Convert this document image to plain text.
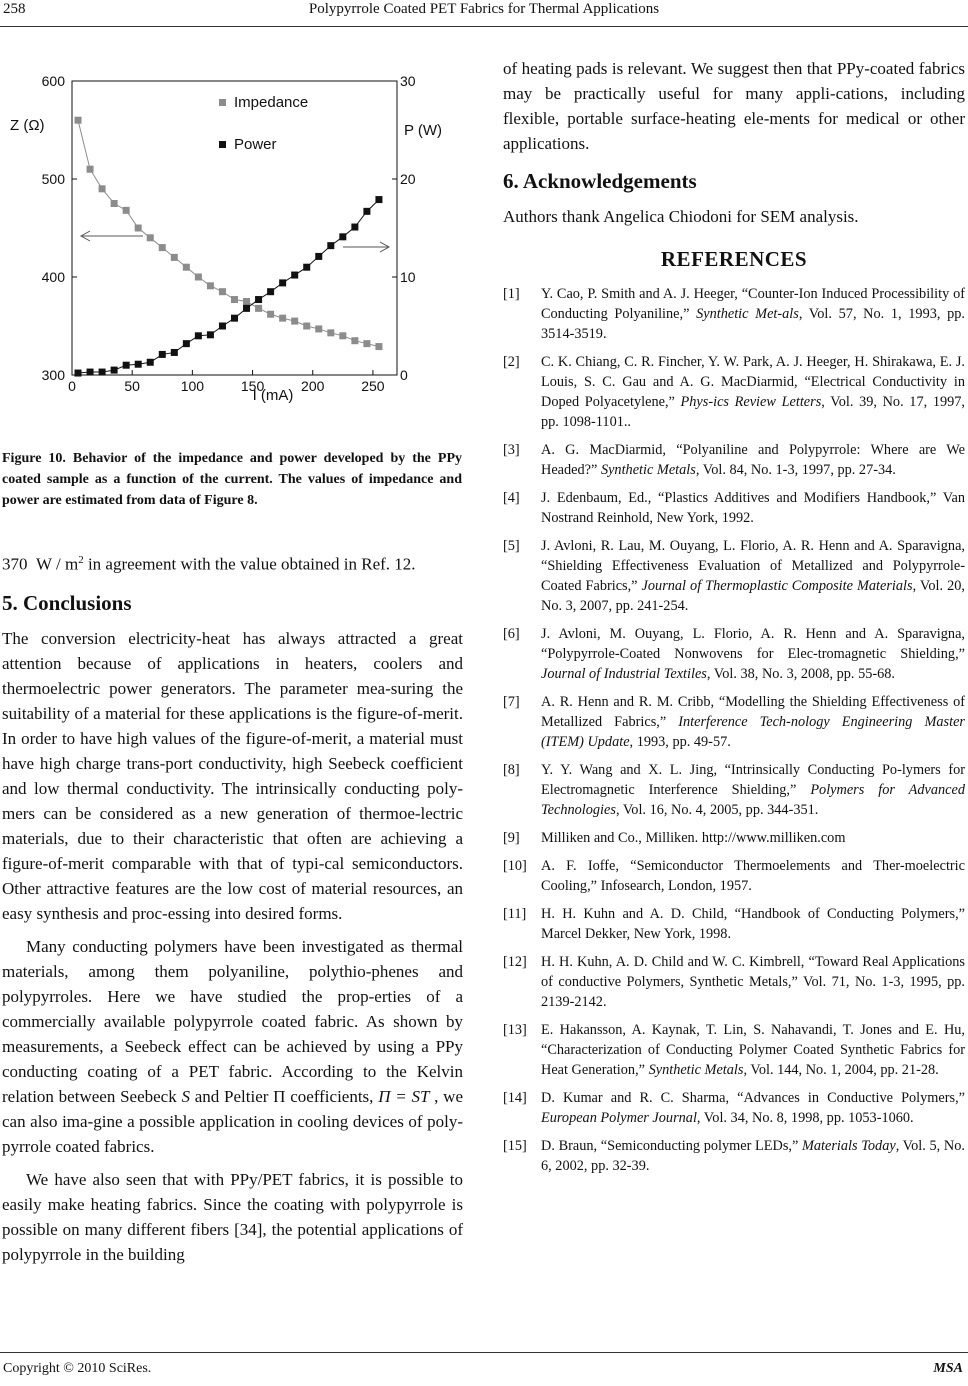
258	Polypyrrole Coated PET Fabrics for Thermal Applications
300
400
500
600
0
10
20
30
0	50	100	150	200	250
Z (Ω)	P (W)
I (mA)
Impedance
Power
Figure 10. Behavior of the impedance and power developed by the PPy coated sample as a function of the current. The values of impedance and power are estimated from data of Figure 8.

370 W / $m^2$ in agreement with the value obtained in Ref. 12.

5. Conclusions

The conversion electricity-heat has always attracted a great attention because of applications in heaters, coolers and thermoelectric power generators. The parameter mea-suring the suitability of a material for these applications is the figure-of-merit. In order to have high values of the figure-of-merit, a material must have high charge trans-port conductivity, high Seebeck coefficient and low thermal conductivity. The intrinsically conducting poly-mers can be considered as a new generation of thermoe-lectric materials, due to their characteristic that often are achieving a figure-of-merit comparable with that of typi-cal semiconductors. Other attractive features are the low cost of material resources, an easy synthesis and proc-essing into desired forms.

Many conducting polymers have been investigated as thermal materials, among them polyaniline, polythio-phenes and polypyrroles. Here we have studied the prop-erties of a commercially available polypyrrole coated fabric. As shown by measurements, a Seebeck effect can be achieved by using a PPy conducting coating of a PET fabric. According to the Kelvin relation between Seebeck S and Peltier Π coefficients, Π = ST , we can also ima-gine a possible application in cooling devices of poly-pyrrole coated fabrics.

We have also seen that with PPy/PET fabrics, it is possible to easily make heating fabrics. Since the coating with polypyrrole is possible on many different fibers [34], the potential applications of polypyrrole in the building

of heating pads is relevant. We suggest then that PPy-coated fabrics may be practically useful for many appli-cations, including flexible, portable surface-heating ele-ments for medical or other applications.

6. Acknowledgements

Authors thank Angelica Chiodoni for SEM analysis.

REFERENCES
[1] Y. Cao, P. Smith and A. J. Heeger, “Counter-Ion Induced Processibility of Conducting Polyaniline,” Synthetic Met-als, Vol. 57, No. 1, 1993, pp. 3514-3519.
[2] C. K. Chiang, C. R. Fincher, Y. W. Park, A. J. Heeger, H. Shirakawa, E. J. Louis, S. C. Gau and A. G. MacDiarmid, “Electrical Conductivity in Doped Polyacetylene,” Phys-ics Review Letters, Vol. 39, No. 17, 1997, pp. 1098-1101..
[3] A. G. MacDiarmid, “Polyaniline and Polypyrrole: Where are We Headed?” Synthetic Metals, Vol. 84, No. 1-3, 1997, pp. 27-34.
[4] J. Edenbaum, Ed., “Plastics Additives and Modifiers Handbook,” Van Nostrand Reinhold, New York, 1992.
[5] J. Avloni, R. Lau, M. Ouyang, L. Florio, A. R. Henn and A. Sparavigna, “Shielding Effectiveness Evaluation of Metallized and Polypyrrole-Coated Fabrics,” Journal of Thermoplastic Composite Materials, Vol. 20, No. 3, 2007, pp. 241-254.
[6] J. Avloni, M. Ouyang, L. Florio, A. R. Henn and A. Sparavigna, “Polypyrrole-Coated Nonwovens for Elec-tromagnetic Shielding,” Journal of Industrial Textiles, Vol. 38, No. 3, 2008, pp. 55-68.
[7] A. R. Henn and R. M. Cribb, “Modelling the Shielding Effectiveness of Metallized Fabrics,” Interference Tech-nology Engineering Master (ITEM) Update, 1993, pp. 49-57.
[8] Y. Y. Wang and X. L. Jing, “Intrinsically Conducting Po-lymers for Electromagnetic Interference Shielding,” Polymers for Advanced Technologies, Vol. 16, No. 4, 2005, pp. 344-351.
[9] Milliken and Co., Milliken. http://www.milliken.com
[10] A. F. Ioffe, “Semiconductor Thermoelements and Ther-moelectric Cooling,” Infosearch, London, 1957.
[11] H. H. Kuhn and A. D. Child, “Handbook of Conducting Polymers,” Marcel Dekker, New York, 1998.
[12] H. H. Kuhn, A. D. Child and W. C. Kimbrell, “Toward Real Applications of conductive Polymers, Synthetic Metals,” Vol. 71, No. 1-3, 1995, pp. 2139-2142.
[13] E. Hakansson, A. Kaynak, T. Lin, S. Nahavandi, T. Jones and E. Hu, “Characterization of Conducting Polymer Coated Synthetic Fabrics for Heat Generation,” Synthetic Metals, Vol. 144, No. 1, 2004, pp. 21-28.
[14] D. Kumar and R. C. Sharma, “Advances in Conductive Polymers,” European Polymer Journal, Vol. 34, No. 8, 1998, pp. 1053-1060.
[15] D. Braun, “Semiconducting polymer LEDs,” Materials Today, Vol. 5, No. 6, 2002, pp. 32-39.
Copyright © 2010 SciRes.	MSA
